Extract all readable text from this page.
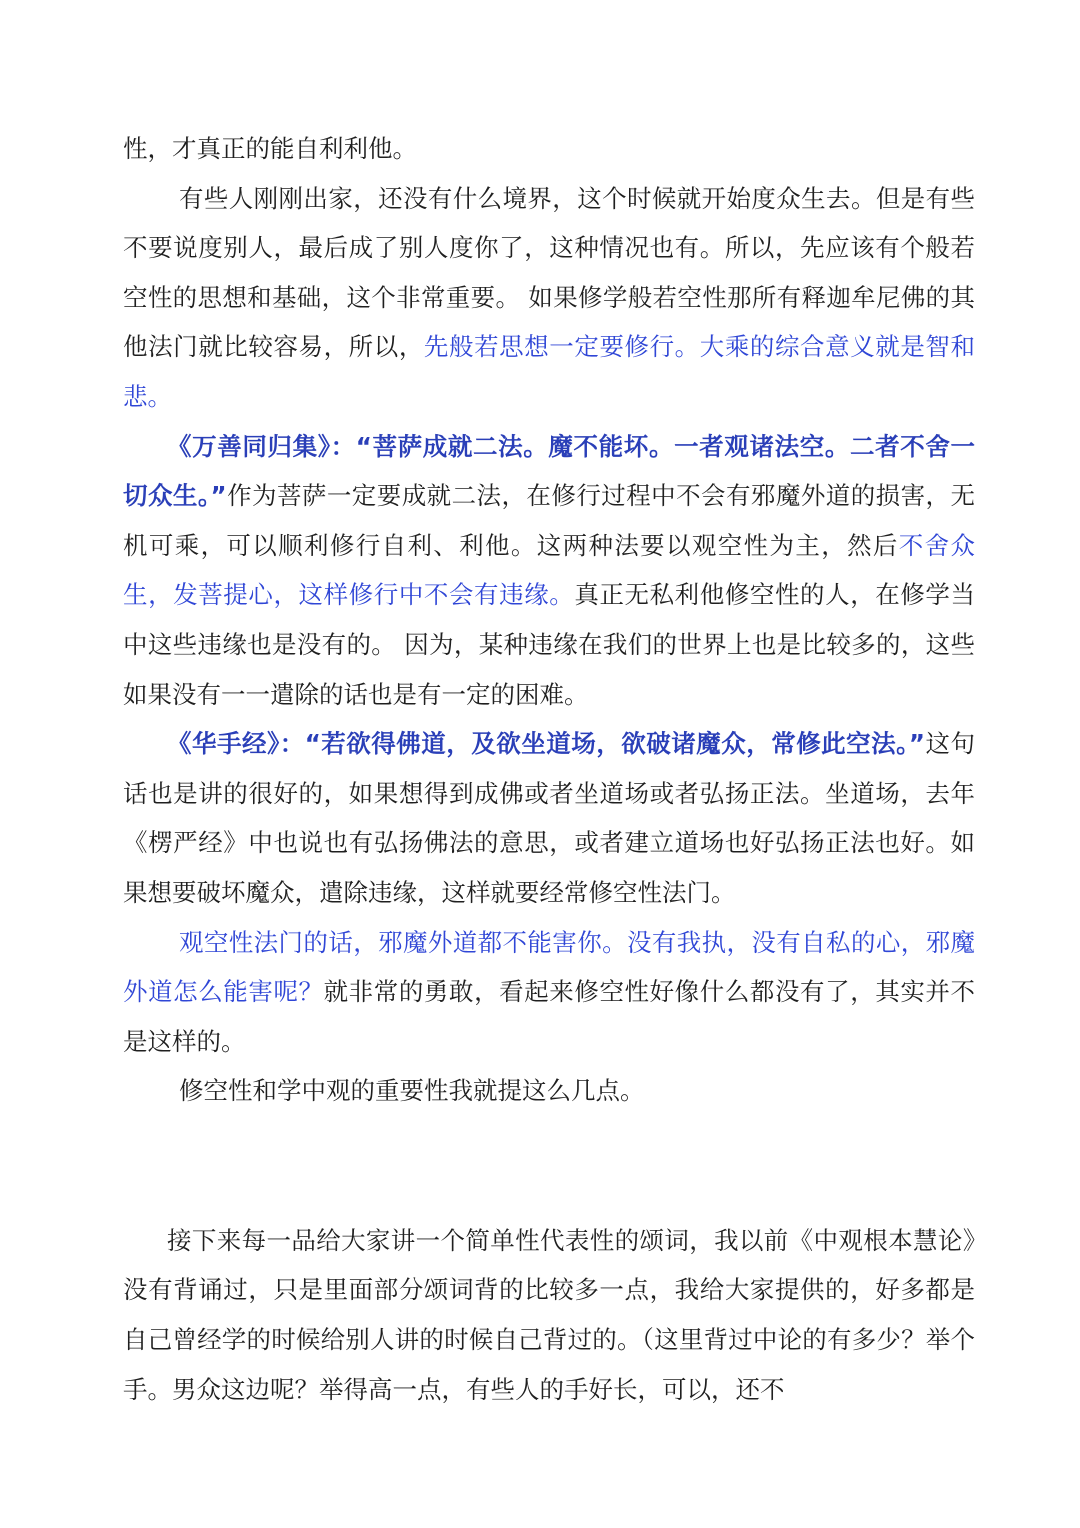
性，才真正的能自利利他。

有些人刚刚出家，还没有什么境界，这个时候就开始度众生去。但是有些不要说度别人，最后成了别人度你了，这种情况也有。所以，先应该有个般若空性的思想和基础，这个非常重要。 如果修学般若空性那所有释迦牟尼佛的其他法门就比较容易，所以，先般若思想一定要修行。大乘的综合意义就是智和悲。

《万善同归集》：“菩萨成就二法。魔不能坏。一者观诸法空。二者不舍一切众生。”作为菩萨一定要成就二法，在修行过程中不会有邪魔外道的损害，无机可乘，可以顺利修行自利、利他。这两种法要以观空性为主，然后不舍众生，发菩提心，这样修行中不会有违缘。真正无私利他修空性的人，在修学当中这些违缘也是没有的。 因为，某种违缘在我们的世界上也是比较多的，这些如果没有一一遣除的话也是有一定的困难。

《华手经》：“若欲得佛道，及欲坐道场，欲破诸魔众，常修此空法。”这句话也是讲的很好的，如果想得到成佛或者坐道场或者弘扬正法。坐道场，去年《楞严经》中也说也有弘扬佛法的意思，或者建立道场也好弘扬正法也好。如果想要破坏魔众，遣除违缘，这样就要经常修空性法门。

观空性法门的话，邪魔外道都不能害你。没有我执，没有自私的心，邪魔外道怎么能害呢？就非常的勇敢，看起来修空性好像什么都没有了，其实并不是这样的。

修空性和学中观的重要性我就提这么几点。

接下来每一品给大家讲一个简单性代表性的颂词，我以前《中观根本慧论》没有背诵过，只是里面部分颂词背的比较多一点，我给大家提供的，好多都是自己曾经学的时候给别人讲的时候自己背过的。（这里背过中论的有多少？举个手。男众这边呢？举得高一点，有些人的手好长，可以，还不
